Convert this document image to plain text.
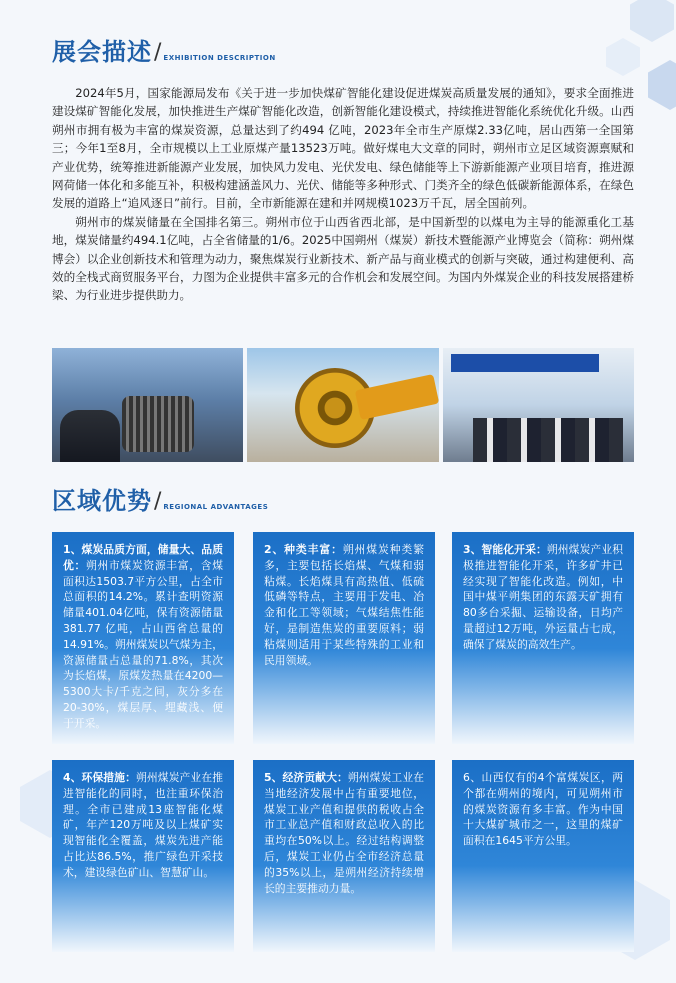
展会描述 / EXHIBITION DESCRIPTION

2024年5月，国家能源局发布《关于进一步加快煤矿智能化建设促进煤炭高质量发展的通知》，要求全面推进建设煤矿智能化发展，加快推进生产煤矿智能化改造，创新智能化建设模式，持续推进智能化系统优化升级。山西朔州市拥有极为丰富的煤炭资源，总量达到了约494 亿吨，2023年全市生产原煤2.33亿吨，居山西第一全国第三；今年1至8月，全市规模以上工业原煤产量13523万吨。做好煤电大文章的同时，朔州市立足区域资源禀赋和产业优势，统筹推进新能源产业发展，加快风力发电、光伏发电、绿色储能等上下游新能源产业项目培育，推进源网荷储一体化和多能互补，积极构建涵盖风力、光伏、储能等多种形式、门类齐全的绿色低碳新能源体系，在绿色发展的道路上“追风逐日”前行。目前，全市新能源在建和并网规模1023万千瓦，居全国前列。

朔州市的煤炭储量在全国排名第三。朔州市位于山西省西北部，是中国新型的以煤电为主导的能源重化工基地，煤炭储量约494.1亿吨，占全省储量的1/6。2025中国朔州（煤炭）新技术暨能源产业博览会（简称：朔州煤博会）以企业创新技术和管理为动力，聚焦煤炭行业新技术、新产品与商业模式的创新与突破，通过构建便利、高效的全栈式商贸服务平台，力图为企业提供丰富多元的合作机会和发展空间。为国内外煤炭企业的科技发展搭建桥梁、为行业进步提供助力。

区域优势 / REGIONAL ADVANTAGES
1、煤炭品质方面，储量大、品质优：朔州市煤炭资源丰富，含煤面积达1503.7平方公里，占全市总面积的14.2%。累计查明资源储量401.04亿吨，保有资源储量381.77 亿吨，占山西省总量的14.91%。朔州煤炭以气煤为主，资源储量占总量的71.8%，其次为长焰煤，原煤发热量在4200—5300大卡/千克之间，灰分多在20-30%，煤层厚、埋藏浅、便于开采。
2、种类丰富：朔州煤炭种类繁多，主要包括长焰煤、气煤和弱粘煤。长焰煤具有高热值、低硫低磷等特点，主要用于发电、冶金和化工等领域；气煤结焦性能好，是制造焦炭的重要原料；弱粘煤则适用于某些特殊的工业和民用领域。
3、智能化开采：朔州煤炭产业积极推进智能化开采，许多矿井已经实现了智能化改造。例如，中国中煤平朔集团的东露天矿拥有80多台采掘、运输设备，日均产量超过12万吨，外运量占七成，确保了煤炭的高效生产。
4、环保措施：朔州煤炭产业在推进智能化的同时，也注重环保治理。全市已建成13座智能化煤矿，年产120万吨及以上煤矿实现智能化全覆盖，煤炭先进产能占比达86.5%，推广绿色开采技术，建设绿色矿山、智慧矿山。
5、经济贡献大：朔州煤炭工业在当地经济发展中占有重要地位，煤炭工业产值和提供的税收占全市工业总产值和财政总收入的比重均在50%以上。经过结构调整后，煤炭工业仍占全市经济总量的35%以上，是朔州经济持续增长的主要推动力量。
6、山西仅有的4个富煤炭区，两个都在朔州的境内，可见朔州市的煤炭资源有多丰富。作为中国十大煤矿城市之一，这里的煤矿面积在1645平方公里。
